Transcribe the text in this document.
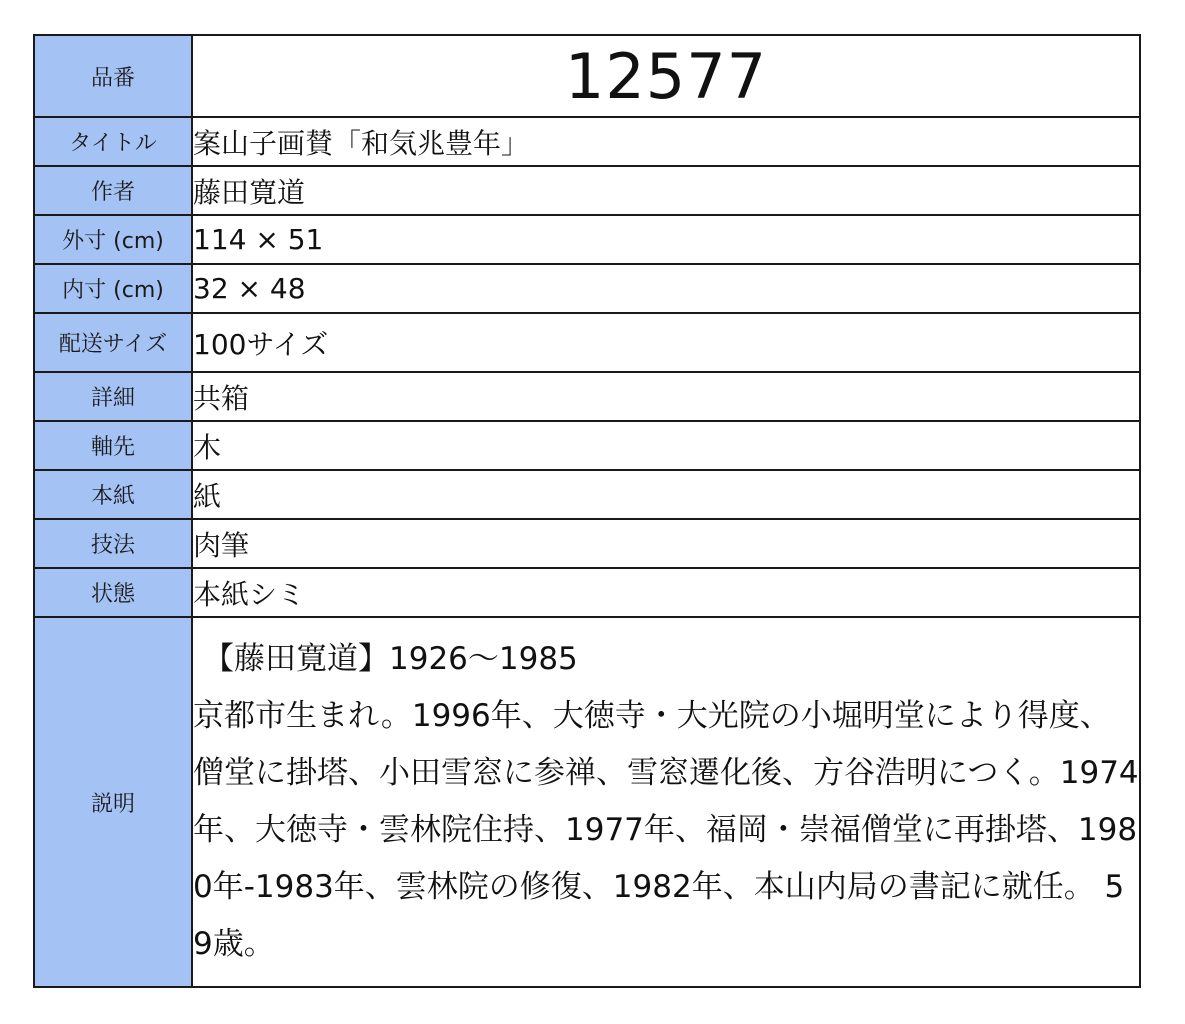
品番	12577
タイトル	案山子画賛「和気兆豊年」
作者	藤田寛道
外寸 (cm)	114 × 51
内寸 (cm)	32 × 48
配送サイズ	100サイズ
詳細	共箱
軸先	木
本紙	紙
技法	肉筆
状態	本紙シミ
説明	【藤田寛道】1926〜1985
京都市生まれ。1996年、大徳寺・大光院の小堀明堂により得度、僧堂に掛塔、小田雪窓に参禅、雪窓遷化後、方谷浩明につく。1974年、大徳寺・雲林院住持、1977年、福岡・崇福僧堂に再掛塔、1980年-1983年、雲林院の修復、1982年、本山内局の書記に就任。 59歳。
